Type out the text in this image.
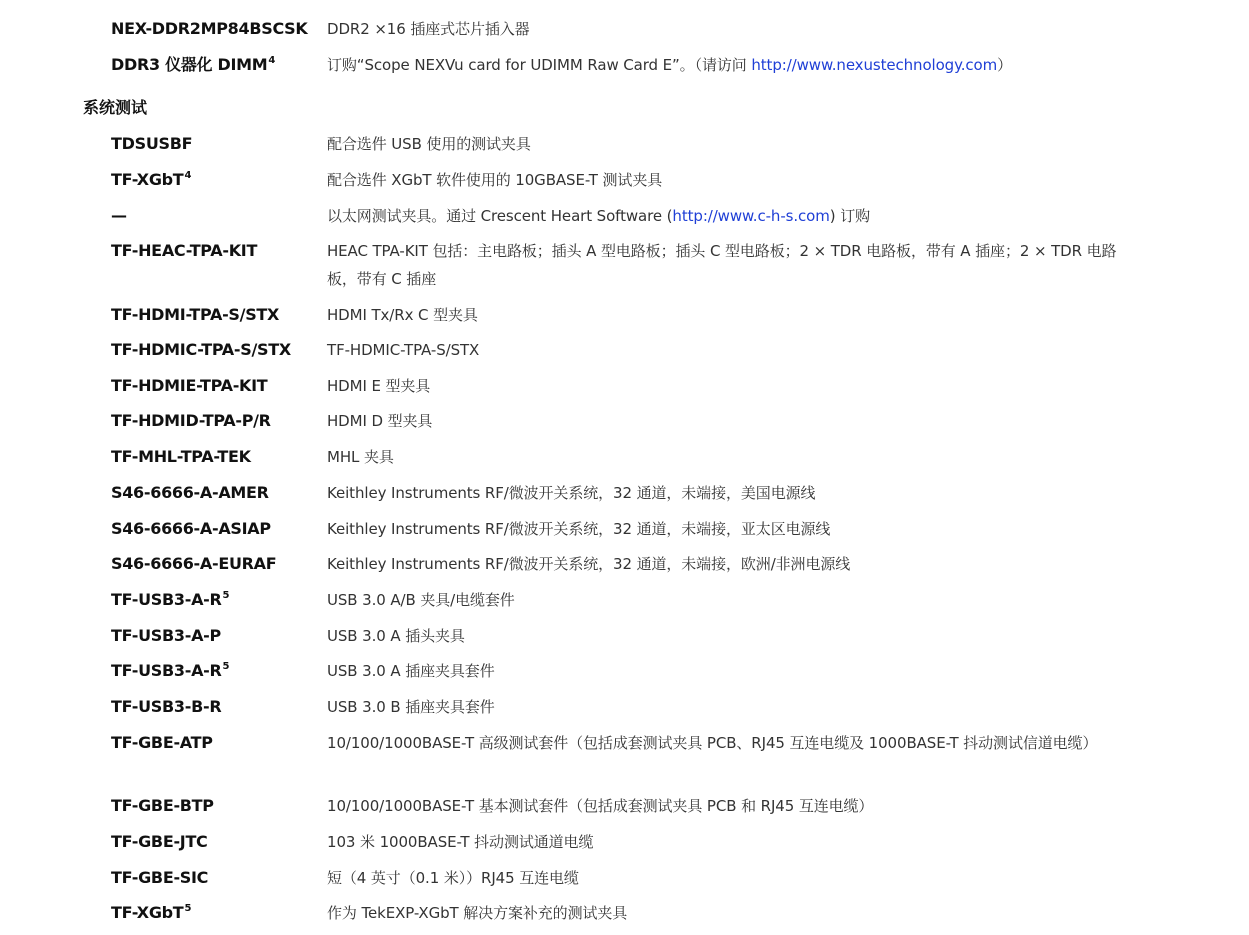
NEX-DDR2MP84BSCSK DDR2 ×16 插座式芯片插入器
DDR3 仪器化 DIMM$^4$	订购“Scope NEXVu card for UDIMM Raw Card E”。（请访问 http://www.nexustechnology.com）
系统测试
TDSUSBF	配合选件 USB 使用的测试夹具
TF-XGbT$^4$	配合选件 XGbT 软件使用的 10GBASE-T 测试夹具
—	以太网测试夹具。通过 Crescent Heart Software (http://www.c-h-s.com) 订购
TF-HEAC-TPA-KIT	HEAC TPA-KIT 包括：主电路板；插头 A 型电路板；插头 C 型电路板；2 × TDR 电路板，带有 A 插座；2 × TDR 电路板，带有 C 插座
TF-HDMI-TPA-S/STX	HDMI Tx/Rx C 型夹具
TF-HDMIC-TPA-S/STX TF-HDMIC-TPA-S/STX
TF-HDMIE-TPA-KIT	HDMI E 型夹具
TF-HDMID-TPA-P/R	HDMI D 型夹具
TF-MHL-TPA-TEK	MHL 夹具
S46-6666-A-AMER	Keithley Instruments RF/微波开关系统，32 通道，未端接，美国电源线
S46-6666-A-ASIAP	Keithley Instruments RF/微波开关系统，32 通道，未端接，亚太区电源线
S46-6666-A-EURAF	Keithley Instruments RF/微波开关系统，32 通道，未端接，欧洲/非洲电源线
$TF-USB3-A-R^5$	USB 3.0 A/B 夹具/电缆套件
TF-USB3-A-P	USB 3.0 A 插头夹具
$TF-USB3-A-R^5$	USB 3.0 A 插座夹具套件
TF-USB3-B-R	USB 3.0 B 插座夹具套件
TF-GBE-ATP	10/100/1000BASE-T 高级测试套件（包括成套测试夹具 PCB、RJ45 互连电缆及 1000BASE-T 抖动测试信道电缆）
TF-GBE-BTP	10/100/1000BASE-T 基本测试套件（包括成套测试夹具 PCB 和 RJ45 互连电缆）
TF-GBE-JTC	103 米 1000BASE-T 抖动测试通道电缆
TF-GBE-SIC	短（4 英寸（0.1 米））RJ45 互连电缆
TF-XGbT$^5$	作为 TekEXP-XGbT 解决方案补充的测试夹具
